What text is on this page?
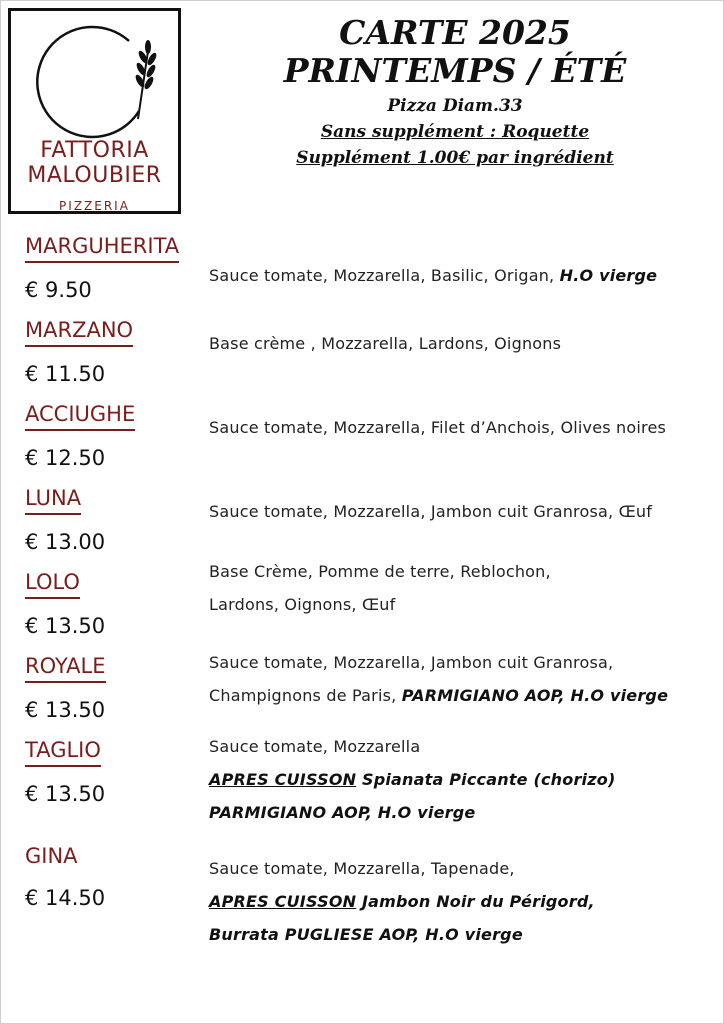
FATTORIA
MALOUBIER
PIZZERIA
CARTE 2025
PRINTEMPS / ÉTÉ
Pizza Diam.33
Sans supplément : Roquette
Supplément 1.00€ par ingrédient
MARGUHERITA
€ 9.50
Sauce tomate, Mozzarella, Basilic, Origan, H.O vierge
MARZANO
€ 11.50
Base crème , Mozzarella, Lardons, Oignons
ACCIUGHE
€ 12.50
Sauce tomate, Mozzarella, Filet d’Anchois, Olives noires
LUNA
€ 13.00
Sauce tomate, Mozzarella, Jambon cuit Granrosa, Œuf
LOLO
€ 13.50
Base Crème, Pomme de terre, Reblochon,
Lardons, Oignons, Œuf
ROYALE
€ 13.50
Sauce tomate, Mozzarella, Jambon cuit Granrosa,
Champignons de Paris, PARMIGIANO AOP, H.O vierge
TAGLIO
€ 13.50
Sauce tomate, Mozzarella
APRES CUISSON Spianata Piccante (chorizo)
PARMIGIANO AOP, H.O vierge
GINA
€ 14.50
Sauce tomate, Mozzarella, Tapenade,
APRES CUISSON Jambon Noir du Périgord,
Burrata PUGLIESE AOP, H.O vierge
